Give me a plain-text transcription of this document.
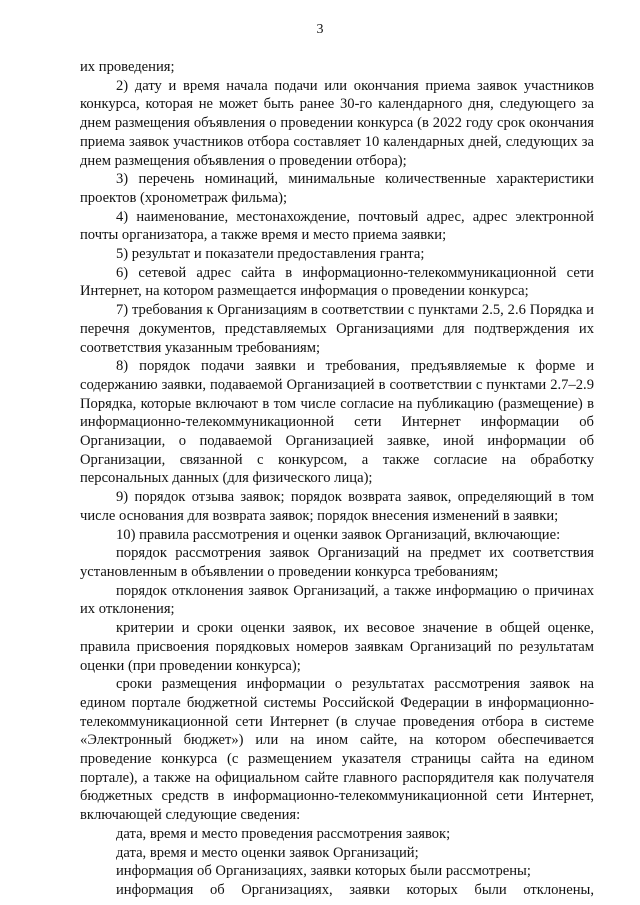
3

их проведения;

2) дату и время начала подачи или окончания приема заявок участников конкурса, которая не может быть ранее 30-го календарного дня, следующего за днем размещения объявления о проведении конкурса (в 2022 году срок окончания приема заявок участников отбора составляет 10 календарных дней, следующих за днем размещения объявления о проведении отбора);

3) перечень номинаций, минимальные количественные характеристики проектов (хронометраж фильма);

4) наименование, местонахождение, почтовый адрес, адрес электронной почты организатора, а также время и место приема заявки;

5) результат и показатели предоставления гранта;

6) сетевой адрес сайта в информационно-телекоммуникационной сети Интернет, на котором размещается информация о проведении конкурса;

7) требования к Организациям в соответствии с пунктами 2.5, 2.6 Порядка и перечня документов, представляемых Организациями для подтверждения их соответствия указанным требованиям;

8) порядок подачи заявки и требования, предъявляемые к форме и содержанию заявки, подаваемой Организацией в соответствии с пунктами 2.7–2.9 Порядка, которые включают в том числе согласие на публикацию (размещение) в информационно-телекоммуникационной сети Интернет информации об Организации, о подаваемой Организацией заявке, иной информации об Организации, связанной с конкурсом, а также согласие на обработку персональных данных (для физического лица);

9) порядок отзыва заявок; порядок возврата заявок, определяющий в том числе основания для возврата заявок; порядок внесения изменений в заявки;

10) правила рассмотрения и оценки заявок Организаций, включающие:

порядок рассмотрения заявок Организаций на предмет их соответствия установленным в объявлении о проведении конкурса требованиям;

порядок отклонения заявок Организаций, а также информацию о причинах их отклонения;

критерии и сроки оценки заявок, их весовое значение в общей оценке, правила присвоения порядковых номеров заявкам Организаций по результатам оценки (при проведении конкурса);

сроки размещения информации о результатах рассмотрения заявок на едином портале бюджетной системы Российской Федерации в информационно-телекоммуникационной сети Интернет (в случае проведения отбора в системе «Электронный бюджет») или на ином сайте, на котором обеспечивается проведение конкурса (с размещением указателя страницы сайта на едином портале), а также на официальном сайте главного распорядителя как получателя бюджетных средств в информационно-телекоммуникационной сети Интернет, включающей следующие сведения:

дата, время и место проведения рассмотрения заявок;

дата, время и место оценки заявок Организаций;

информация об Организациях, заявки которых были рассмотрены;

информация об Организациях, заявки которых были отклонены,
